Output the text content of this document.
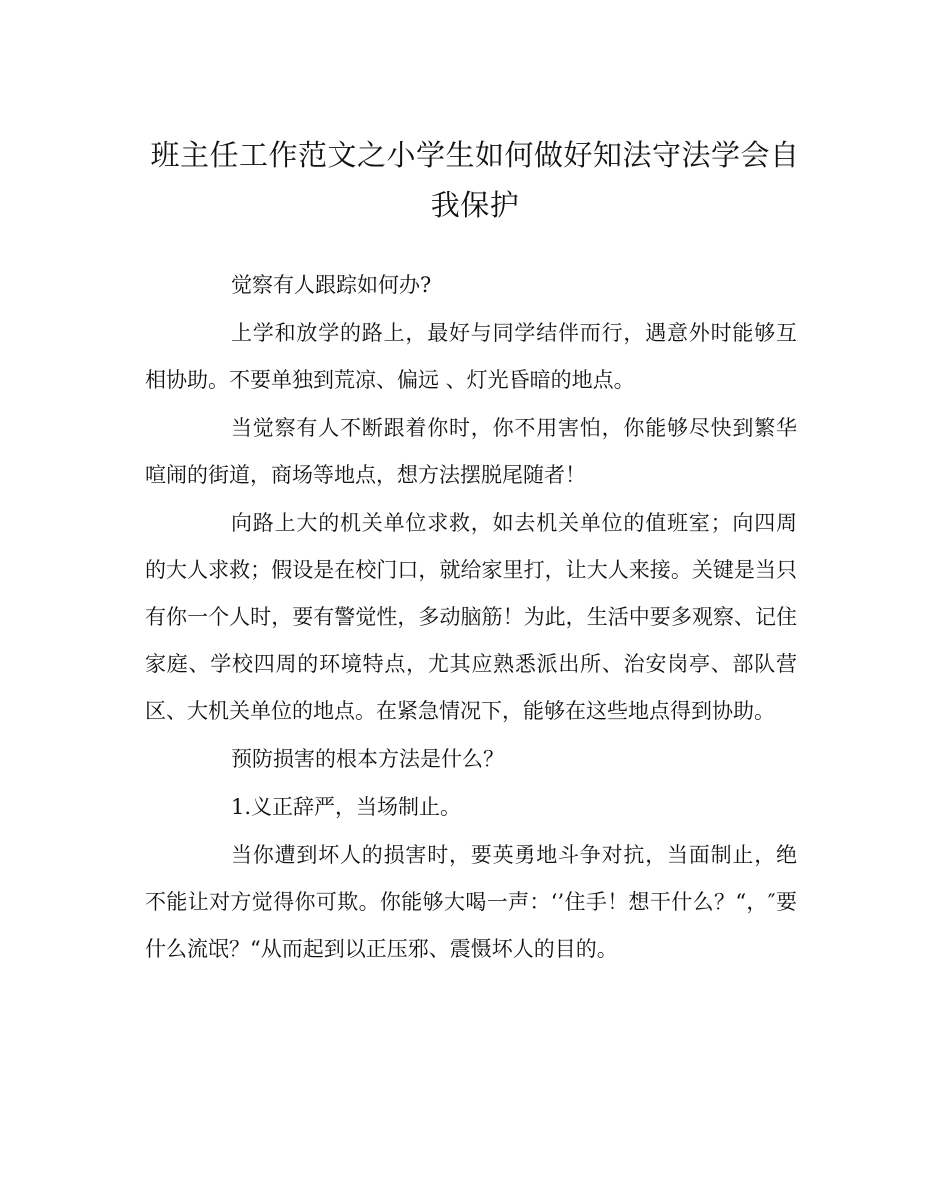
班主任工作范文之小学生如何做好知法守法学会自我保护

觉察有人跟踪如何办?

上学和放学的路上，最好与同学结伴而行，遇意外时能够互相协助。不要单独到荒凉、偏远 、灯光昏暗的地点。

当觉察有人不断跟着你时，你不用害怕，你能够尽快到繁华喧闹的街道，商场等地点，想方法摆脱尾随者！

向路上大的机关单位求救，如去机关单位的值班室；向四周的大人求救；假设是在校门口，就给家里打，让大人来接。关键是当只有你一个人时，要有警觉性，多动脑筋！为此，生活中要多观察、记住家庭、学校四周的环境特点，尤其应熟悉派出所、治安岗亭、部队营区、大机关单位的地点。在紧急情况下，能够在这些地点得到协助。

预防损害的根本方法是什么？

1.义正辞严，当场制止。

当你遭到坏人的损害时，要英勇地斗争对抗，当面制止，绝不能让对方觉得你可欺。你能够大喝一声：‘’住手！想干什么？“，″要什么流氓？“从而起到以正压邪、震慑坏人的目的。
